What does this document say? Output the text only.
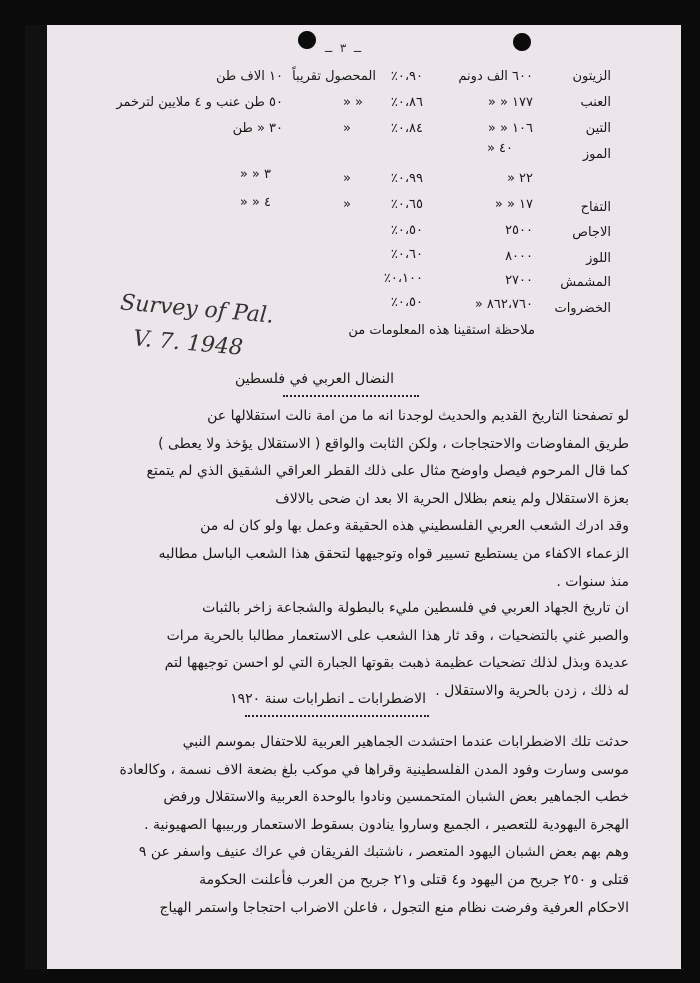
ـ ٣ ـ
الزيتون
٦٠٠ الف دونم
٠،٩٠٪
المحصول تقريباً
١٠ الاف طن
العنب
١٧٧ « «
٠،٨٦٪
« «
٥٠ طن عنب و ٤ ملايين لترخمر
التين
١٠٦ « «
٠،٨٤٪
«
٣٠ « طن
الموز
٤٠ «
٢٢ «
٠،٩٩٪
«
٣ « «
التفاح
١٧ « «
٠،٦٥٪
«
٤ « «
الاجاص
٢٥٠٠
٠،٥٠٪
اللوز
٨٠٠٠
٠،٦٠٪
المشمش
٢٧٠٠
٠،١٠٠٪
الخضروات
٨٦٢،٧٦٠ «
٠،٥٠٪
ملاحظة استقينا هذه المعلومات من
Survey of Pal.
V. 7. 1948
النضال العربي في فلسطين
لو تصفحنا التاريخ القديم والحديث لوجدنا انه ما من امة نالت استقلالها عن
طريق المفاوضات والاحتجاجات ، ولكن الثابت والواقع ( الاستقلال يؤخذ ولا يعطى )
كما قال المرحوم فيصل واوضح مثال على ذلك القطر العراقي الشقيق الذي لم يتمتع
بعزة الاستقلال ولم ينعم بظلال الحرية الا بعد ان ضحى بالالاف
وقد ادرك الشعب العربي الفلسطيني هذه الحقيقة وعمل بها ولو كان له من
الزعماء الاكفاء من يستطيع تسيير قواه وتوجيهها لتحقق هذا الشعب الباسل مطالبه
منذ سنوات .
ان تاريخ الجهاد العربي في فلسطين مليء بالبطولة والشجاعة زاخر بالثبات
والصبر غني بالتضحيات ، وقد ثار هذا الشعب على الاستعمار مطالبا بالحرية مرات
عديدة وبذل لذلك تضحيات عظيمة ذهبت بقوتها الجبارة التي لو احسن توجيهها لتم
له ذلك ، زدن بالحرية والاستقلال .
الاضطرابات ـ انطرابات سنة ١٩٢٠
حدثت تلك الاضطرابات عندما احتشدت الجماهير العربية للاحتفال بموسم النبي
موسى وسارت وفود المدن الفلسطينية وقراها في موكب بلغ بضعة الاف نسمة ، وكالعادة
خطب الجماهير بعض الشبان المتحمسين ونادوا بالوحدة العربية والاستقلال ورفض
الهجرة اليهودية للتعصير ، الجميع وساروا ينادون بسقوط الاستعمار وربيبها الصهيونية .
وهم بهم بعض الشبان اليهود المتعصر ، ناشتبك الفريقان في عراك عنيف واسفر عن ٩
قتلى و ٢٥٠ جريح من اليهود و٤ قتلى و٢١ جريح من العرب فأعلنت الحكومة
الاحكام العرفية وفرضت نظام منع التجول ، فاعلن الاضراب احتجاجا واستمر الهياج
